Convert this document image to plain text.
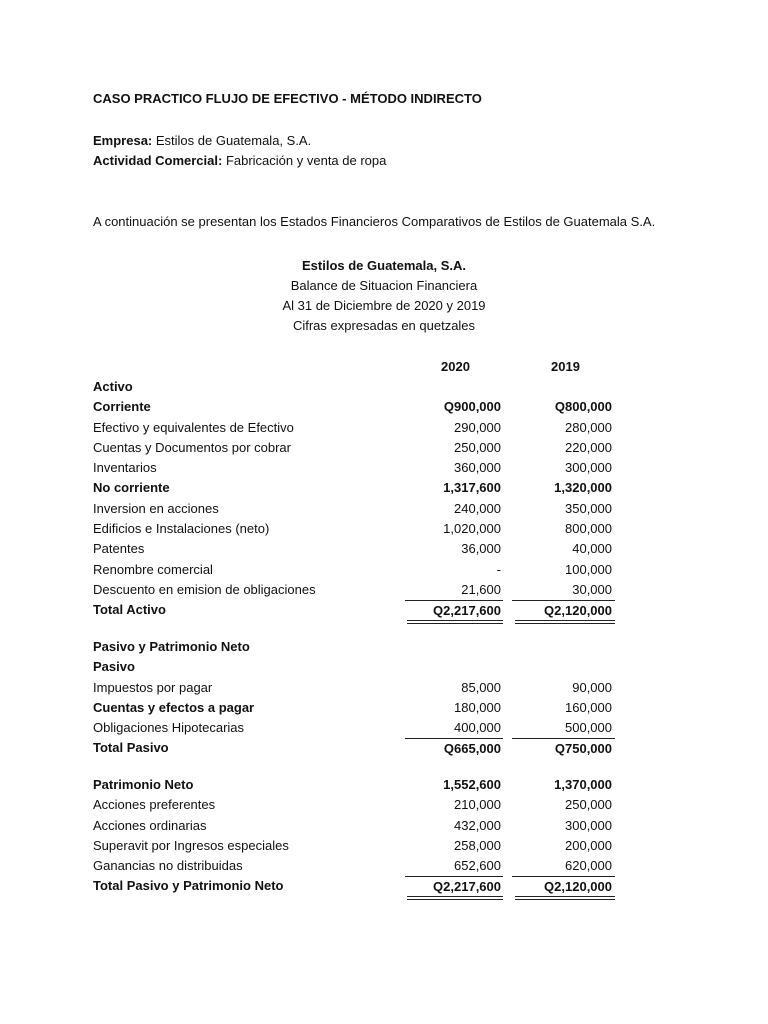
CASO PRACTICO FLUJO DE EFECTIVO - MÉTODO INDIRECTO
Empresa: Estilos de Guatemala, S.A.
Actividad Comercial: Fabricación y venta de ropa
A continuación se presentan los Estados Financieros Comparativos de Estilos de Guatemala S.A.
Estilos de Guatemala, S.A.
Balance de Situacion Financiera
Al 31 de Diciembre de 2020 y 2019
Cifras expresadas en quetzales
2020	2019
Activo
Corriente	Q900,000	Q800,000
Efectivo y equivalentes de Efectivo	290,000	280,000
Cuentas y Documentos por cobrar	250,000	220,000
Inventarios	360,000	300,000
No corriente	1,317,600	1,320,000
Inversion en acciones	240,000	350,000
Edificios e Instalaciones (neto)	1,020,000	800,000
Patentes	36,000	40,000
Renombre comercial	-	100,000
Descuento en emision de obligaciones	21,600	30,000
Total Activo	Q2,217,600	Q2,120,000
Pasivo y Patrimonio Neto
Pasivo
Impuestos por pagar	85,000	90,000
Cuentas y efectos a pagar	180,000	160,000
Obligaciones Hipotecarias	400,000	500,000
Total Pasivo	Q665,000	Q750,000
Patrimonio Neto	1,552,600	1,370,000
Acciones preferentes	210,000	250,000
Acciones ordinarias	432,000	300,000
Superavit por Ingresos especiales	258,000	200,000
Ganancias no distribuidas	652,600	620,000
Total Pasivo y Patrimonio Neto	Q2,217,600	Q2,120,000
